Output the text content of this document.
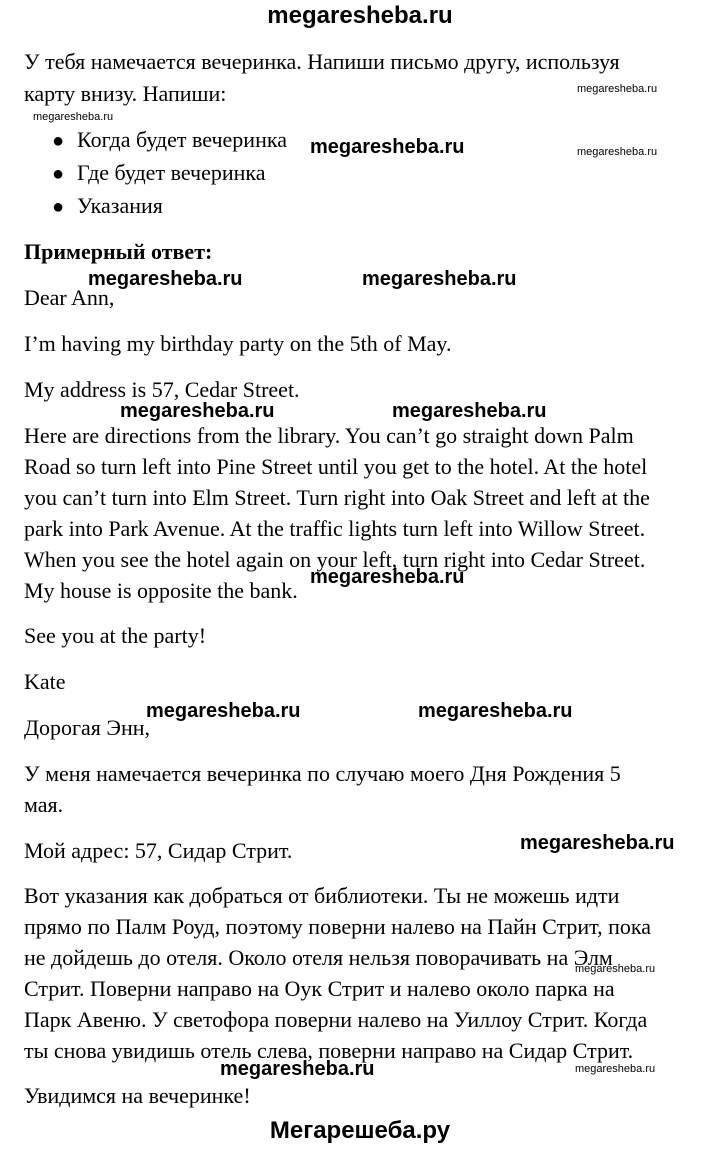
megaresheba.ru
У тебя намечается вечеринка. Напиши письмо другу, используя
карту внизу. Напиши:
● Когда будет вечеринка
● Где будет вечеринка
● Указания
Примерный ответ:
Dear Ann,
I’m having my birthday party on the 5th of May.
My address is 57, Cedar Street.
Here are directions from the library. You can’t go straight down Palm
Road so turn left into Pine Street until you get to the hotel. At the hotel
you can’t turn into Elm Street. Turn right into Oak Street and left at the
park into Park Avenue. At the traffic lights turn left into Willow Street.
When you see the hotel again on your left, turn right into Cedar Street.
My house is opposite the bank.
See you at the party!
Kate
Дорогая Энн,
У меня намечается вечеринка по случаю моего Дня Рождения 5
мая.
Мой адрес: 57, Сидар Стрит.
Вот указания как добраться от библиотеки. Ты не можешь идти
прямо по Палм Роуд, поэтому поверни налево на Пайн Стрит, пока
не дойдешь до отеля. Около отеля нельзя поворачивать на Элм
Стрит. Поверни направо на Оук Стрит и налево около парка на
Парк Авеню. У светофора поверни налево на Уиллоу Стрит. Когда
ты снова увидишь отель слева, поверни направо на Сидар Стрит.
Увидимся на вечеринке!
megaresheba.ru
megaresheba.ru	megaresheba.ru
megaresheba.ru	megaresheba.ru
megaresheba.ru
megaresheba.ru	megaresheba.ru
megaresheba.ru
megaresheba.ru
megaresheba.ru
megaresheba.ru
megaresheba.ru
megaresheba.ru
megaresheba.ru
Мегарешеба.ру
